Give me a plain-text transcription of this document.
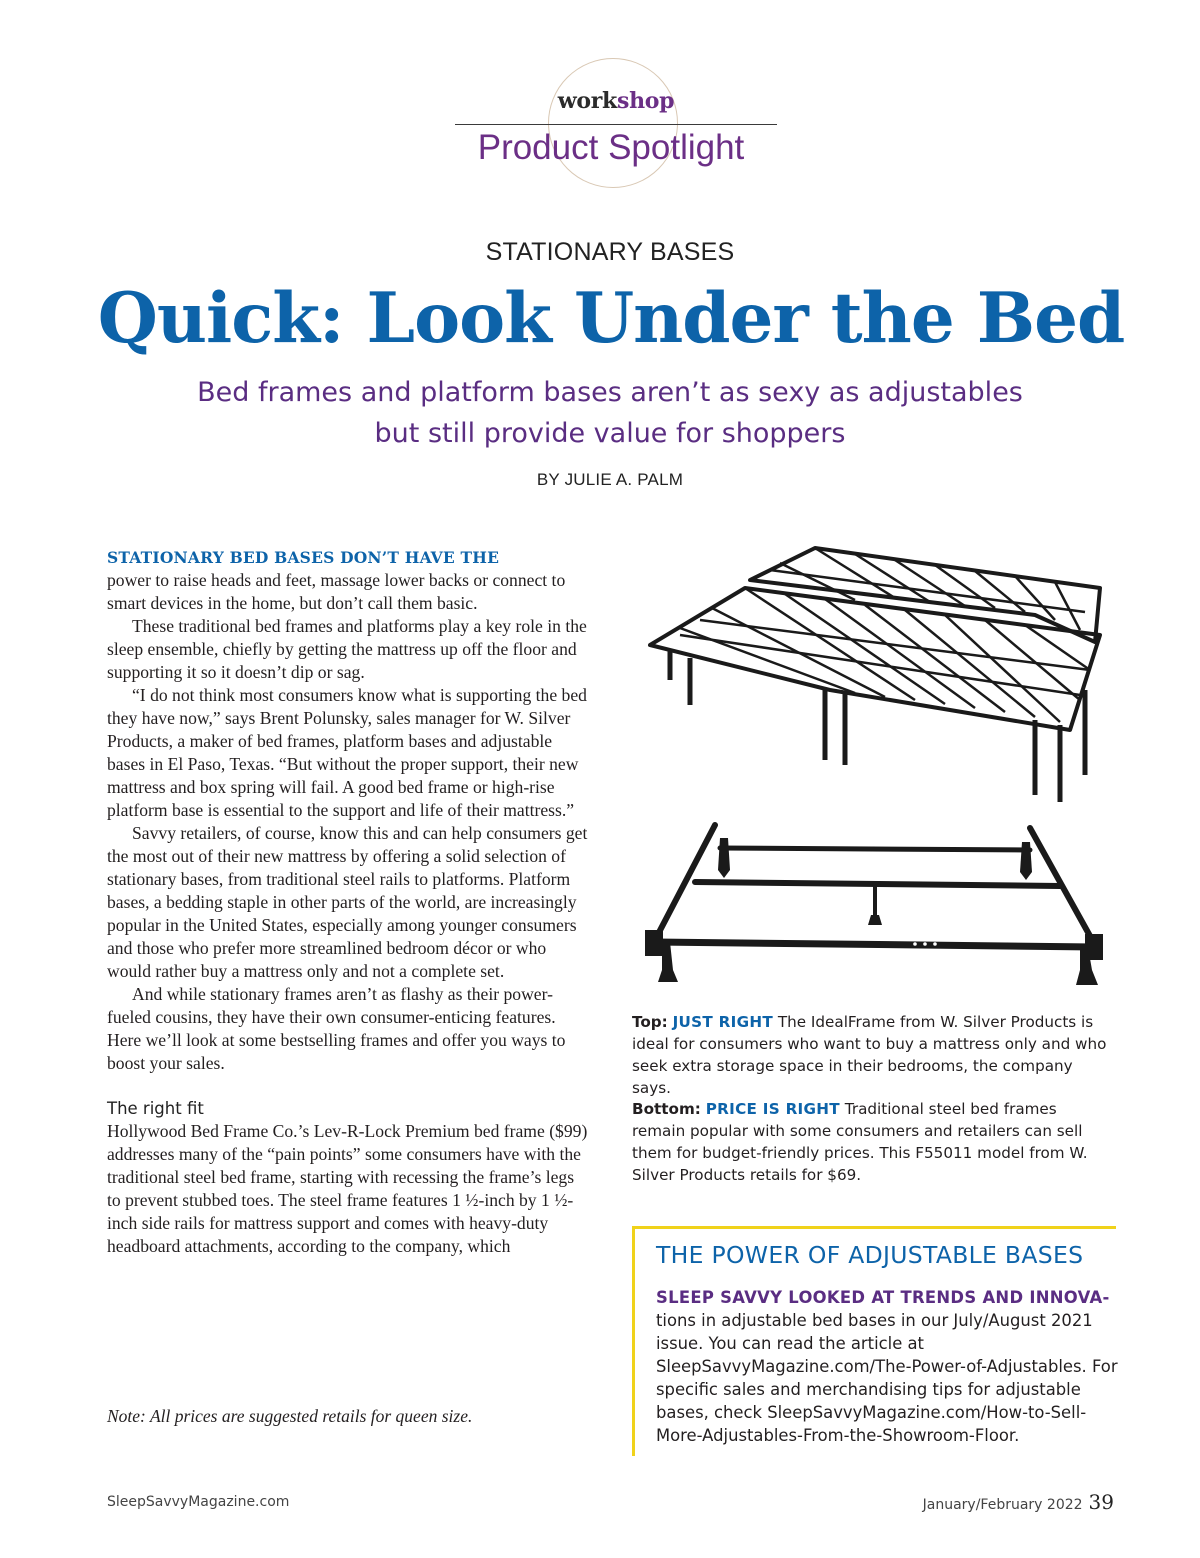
workshop
Product Spotlight
STATIONARY BASES
Quick: Look Under the Bed
Bed frames and platform bases aren’t as sexy as adjustables
but still provide value for shoppers
BY JULIE A. PALM

STATIONARY BED BASES DON’T HAVE THE
power to raise heads and feet, massage lower backs or connect to smart devices in the home, but don’t call them basic.

These traditional bed frames and platforms play a key role in the sleep ensemble, chiefly by getting the mattress up off the floor and supporting it so it doesn’t dip or sag.

“I do not think most consumers know what is supporting the bed they have now,” says Brent Polunsky, sales manager for W. Silver Products, a maker of bed frames, platform bases and adjustable bases in El Paso, Texas. “But without the proper support, their new mattress and box spring will fail. A good bed frame or high-rise platform base is essential to the support and life of their mattress.”

Savvy retailers, of course, know this and can help consumers get the most out of their new mattress by offering a solid selection of stationary bases, from traditional steel rails to platforms. Platform bases, a bedding staple in other parts of the world, are increasingly popular in the United States, especially among younger consumers and those who prefer more streamlined bedroom décor or who would rather buy a mattress only and not a complete set.

And while stationary frames aren’t as flashy as their power-fueled cousins, they have their own consumer-enticing features. Here we’ll look at some bestselling frames and offer you ways to boost your sales.

The right fit

Hollywood Bed Frame Co.’s Lev-R-Lock Premium bed frame ($99) addresses many of the “pain points” some consumers have with the traditional steel bed frame, starting with recessing the frame’s legs to prevent stubbed toes. The steel frame features 1 ½-inch by 1 ½-inch side rails for mattress support and comes with heavy-duty headboard attachments, according to the company, which

Note: All prices are suggested retails for queen size.
Top: JUST RIGHT The IdealFrame from W. Silver Products is ideal for consumers who want to buy a mattress only and who seek extra storage space in their bedrooms, the company says.
Bottom: PRICE IS RIGHT Traditional steel bed frames remain popular with some consumers and retailers can sell them for budget-friendly prices. This F55011 model from W. Silver Products retails for $69.
THE POWER OF ADJUSTABLE BASES
SLEEP SAVVY LOOKED AT TRENDS AND INNOVA-
tions in adjustable bed bases in our July/August 2021 issue. You can read the article at SleepSavvyMagazine.com/The-Power-of-Adjustables. For specific sales and merchandising tips for adjustable bases, check SleepSavvyMagazine.com/How-to-Sell-More-Adjustables-From-the-Showroom-Floor.
SleepSavvyMagazine.com	January/February 2022 39
